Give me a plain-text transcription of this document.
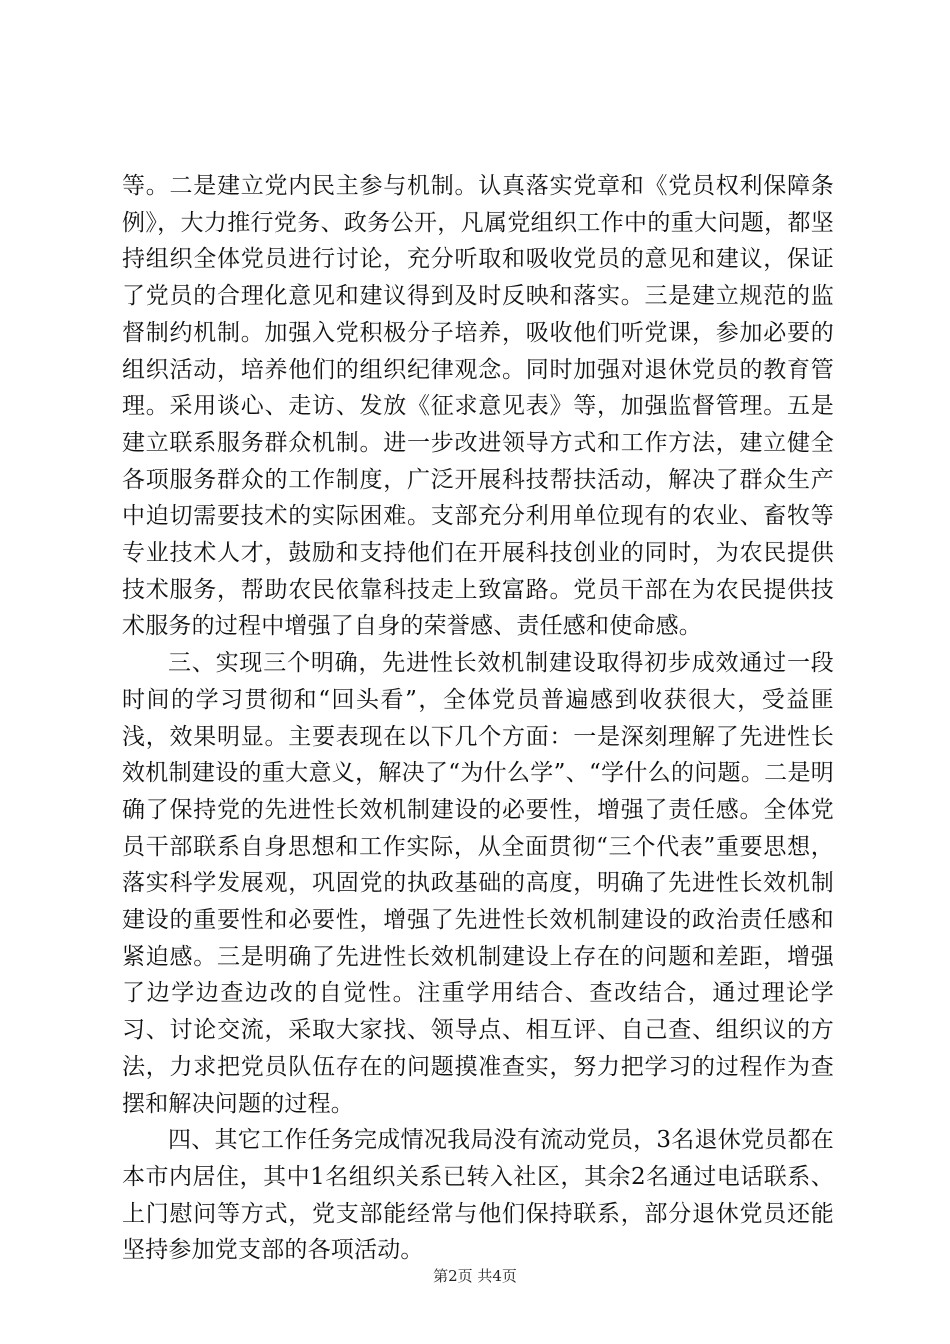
等。二是建立党内民主参与机制。认真落实党章和《党员权利保障条例》，大力推行党务、政务公开，凡属党组织工作中的重大问题，都坚持组织全体党员进行讨论，充分听取和吸收党员的意见和建议，保证了党员的合理化意见和建议得到及时反映和落实。三是建立规范的监督制约机制。加强入党积极分子培养，吸收他们听党课，参加必要的组织活动，培养他们的组织纪律观念。同时加强对退休党员的教育管理。采用谈心、走访、发放《征求意见表》等，加强监督管理。五是建立联系服务群众机制。进一步改进领导方式和工作方法，建立健全各项服务群众的工作制度，广泛开展科技帮扶活动，解决了群众生产中迫切需要技术的实际困难。支部充分利用单位现有的农业、畜牧等专业技术人才，鼓励和支持他们在开展科技创业的同时，为农民提供技术服务，帮助农民依靠科技走上致富路。党员干部在为农民提供技术服务的过程中增强了自身的荣誉感、责任感和使命感。

三、实现三个明确，先进性长效机制建设取得初步成效通过一段时间的学习贯彻和“回头看”，全体党员普遍感到收获很大，受益匪浅，效果明显。主要表现在以下几个方面：一是深刻理解了先进性长效机制建设的重大意义，解决了“为什么学”、“学什么的问题。二是明确了保持党的先进性长效机制建设的必要性，增强了责任感。全体党员干部联系自身思想和工作实际，从全面贯彻“三个代表”重要思想，落实科学发展观，巩固党的执政基础的高度，明确了先进性长效机制建设的重要性和必要性，增强了先进性长效机制建设的政治责任感和紧迫感。三是明确了先进性长效机制建设上存在的问题和差距，增强了边学边查边改的自觉性。注重学用结合、查改结合，通过理论学习、讨论交流，采取大家找、领导点、相互评、自己查、组织议的方法，力求把党员队伍存在的问题摸准查实，努力把学习的过程作为查摆和解决问题的过程。

四、其它工作任务完成情况我局没有流动党员，3名退休党员都在本市内居住，其中1名组织关系已转入社区，其余2名通过电话联系、上门慰问等方式，党支部能经常与他们保持联系，部分退休党员还能坚持参加党支部的各项活动。

第2页 共4页
